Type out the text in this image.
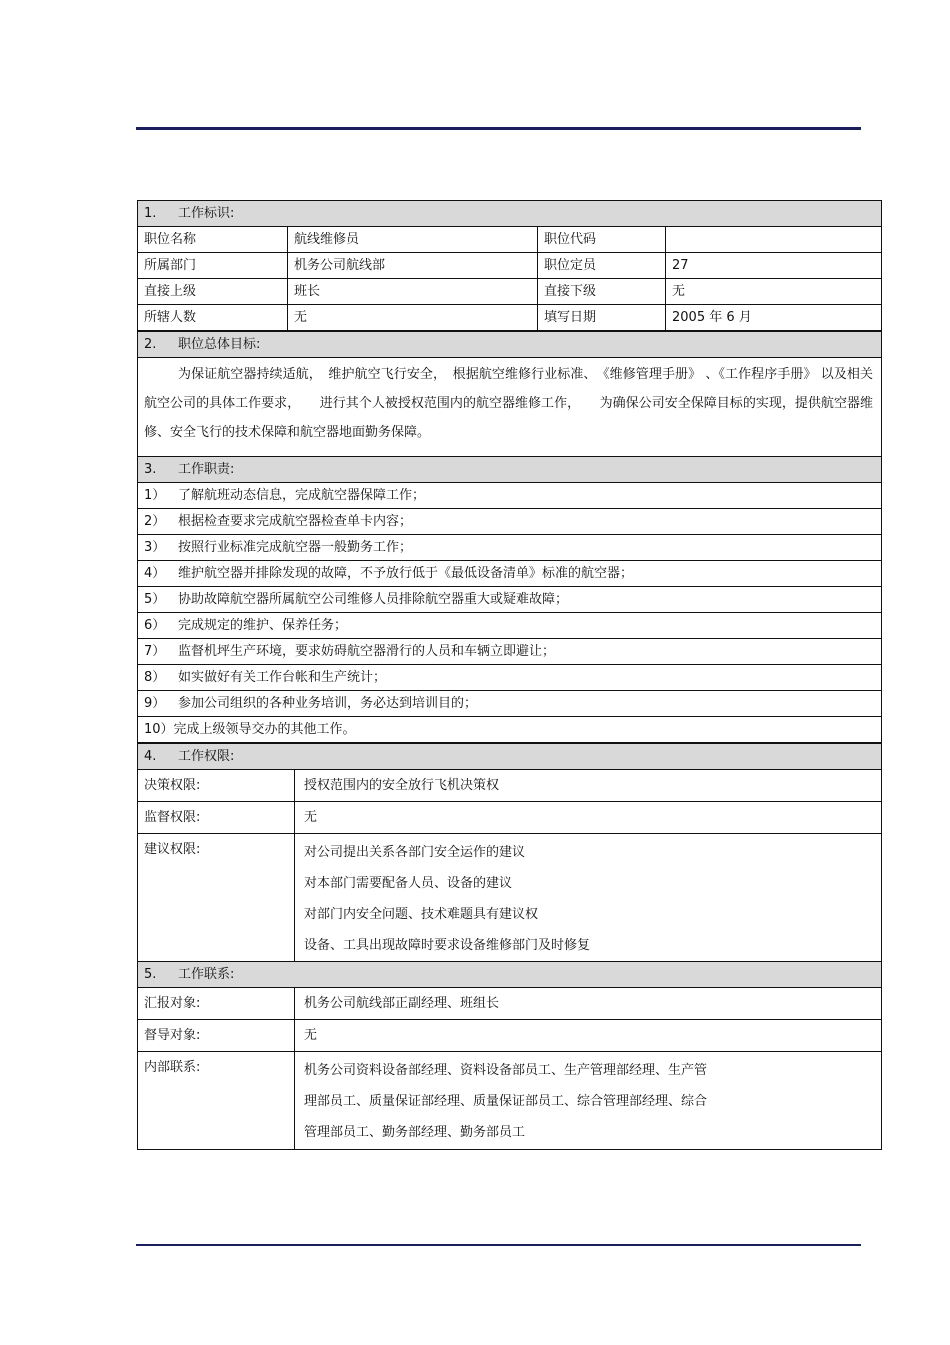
1. 工作标识:			
职位名称	航线维修员	职位代码	
所属部门	机务公司航线部	职位定员	27
直接上级	班长	直接下级	无
所辖人数	无	填写日期	2005 年 6 月
2. 职位总体目标:

为保证航空器持续适航，　维护航空飞行安全，　根据航空维修行业标准、　《维修管理手册》 、《工作程序手册》 以及相关航空公司的具体工作要求，　　进行其个人被授权范围内的航空器维修工作，　　为确保公司安全保障目标的实现，提供航空器维修、安全飞行的技术保障和航空器地面勤务保障。

3. 工作职责:
1） 了解航班动态信息，完成航空器保障工作；
2） 根据检查要求完成航空器检查单卡内容；
3） 按照行业标准完成航空器一般勤务工作；
4） 维护航空器并排除发现的故障，不予放行低于《最低设备清单》标准的航空器；
5） 协助故障航空器所属航空公司维修人员排除航空器重大或疑难故障；
6） 完成规定的维护、保养任务；
7） 监督机坪生产环境，要求妨碍航空器滑行的人员和车辆立即避让；
8） 如实做好有关工作台帐和生产统计；
9） 参加公司组织的各种业务培训，务必达到培训目的；
10）完成上级领导交办的其他工作。
4. 工作权限:	
决策权限:	授权范围内的安全放行飞机决策权
监督权限:	无
建议权限:	对公司提出关系各部门安全运作的建议
对本部门需要配备人员、设备的建议
对部门内安全问题、技术难题具有建议权
设备、工具出现故障时要求设备维修部门及时修复

5. 工作联系:	
汇报对象:	机务公司航线部正副经理、班组长
督导对象:	无
内部联系:	机务公司资料设备部经理、资料设备部员工、生产管理部经理、生产管
理部员工、质量保证部经理、质量保证部员工、综合管理部经理、综合
管理部员工、勤务部经理、勤务部员工
